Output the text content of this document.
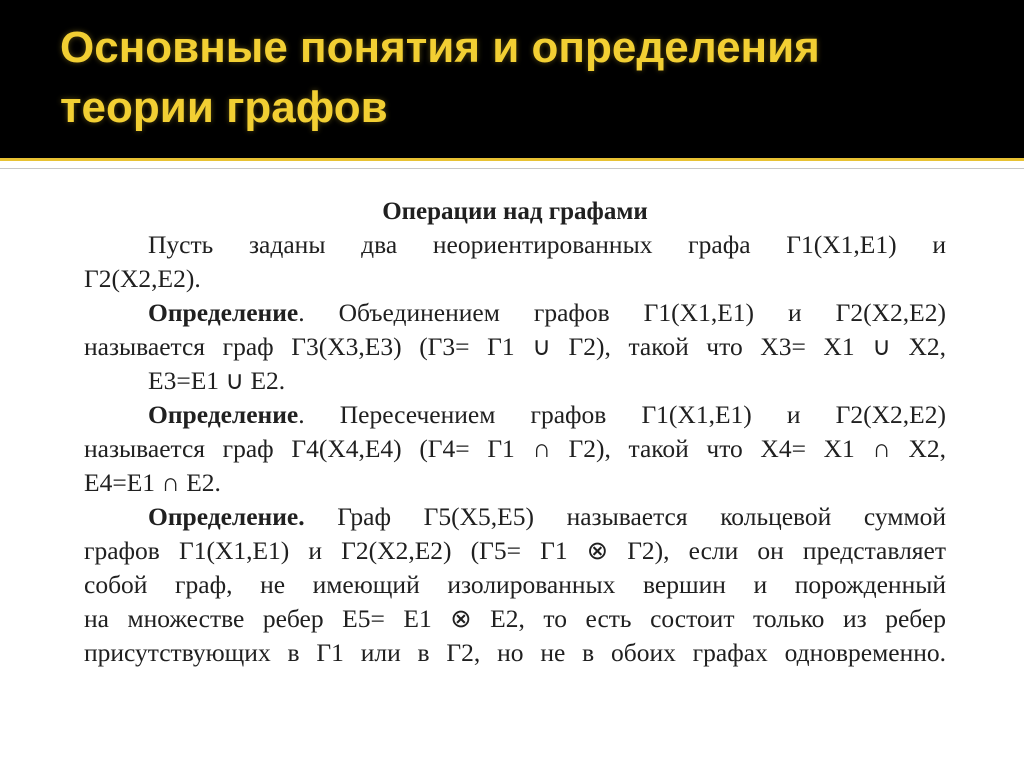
Основные понятия и определения
теории графов
Операции над графами
Пусть заданы два неориентированных графа Г1(X1,E1) и
Г2(X2,E2).
Определение. Объединением графов Г1(X1,E1) и Г2(X2,E2)
называется граф Г3(X3,E3) (Г3= Г1 ∪ Г2), такой что X3= X1 ∪ X2,
E3=E1 ∪ E2.
Определение. Пересечением графов Г1(X1,E1) и Г2(X2,E2)
называется граф Г4(X4,E4) (Г4= Г1 ∩ Г2), такой что X4= X1 ∩ X2,
E4=E1 ∩ E2.
Определение. Граф Г5(X5,E5) называется кольцевой суммой
графов Г1(X1,E1) и Г2(X2,E2) (Г5= Г1 ⊗ Г2), если он представляет
собой граф, не имеющий изолированных вершин и порожденный
на множестве ребер E5= E1 ⊗ E2, то есть состоит только из ребер
присутствующих в Г1 или в Г2, но не в обоих графах одновременно.
